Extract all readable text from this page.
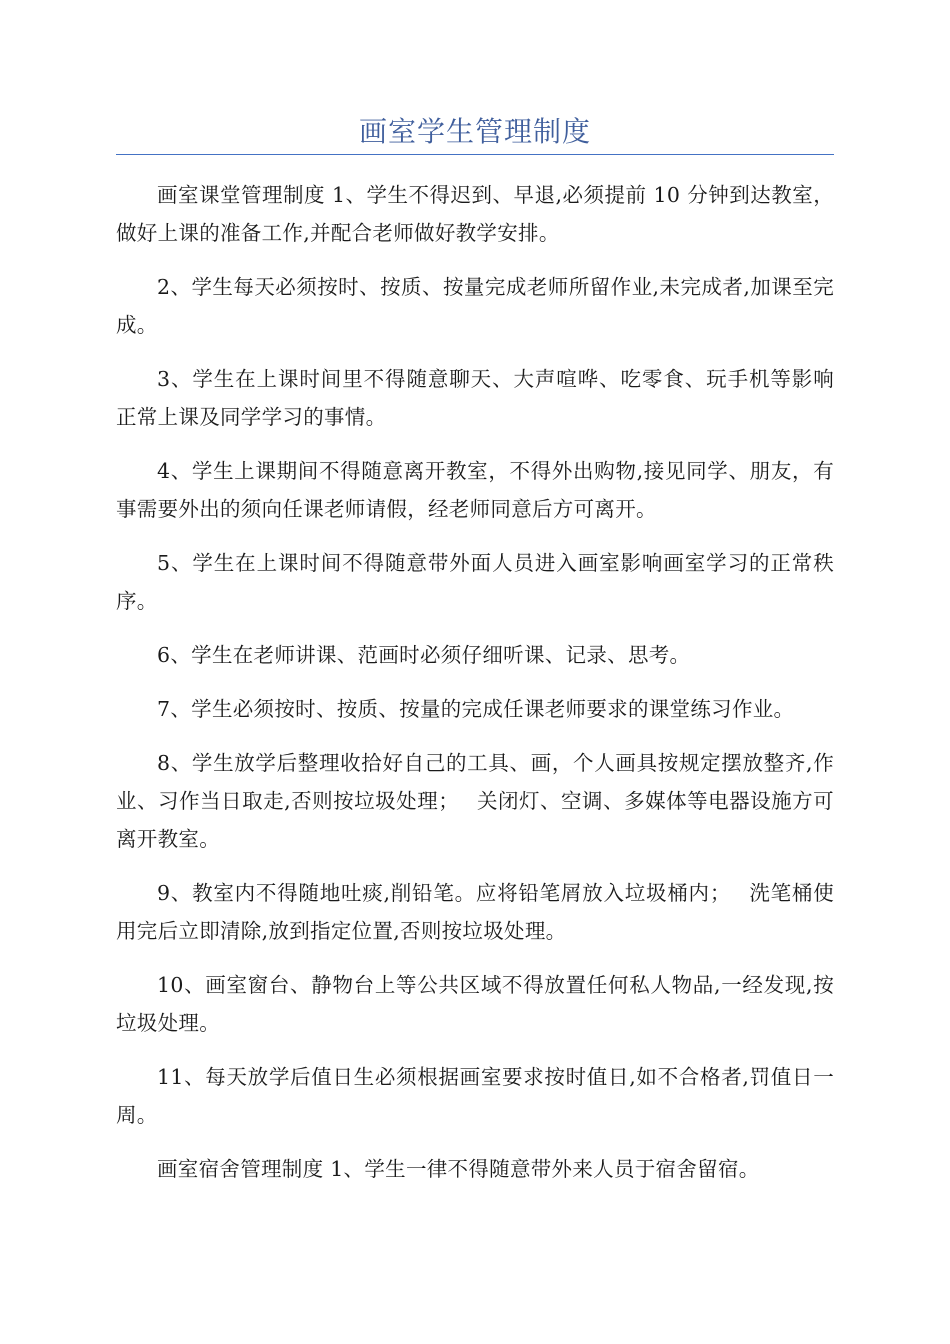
画室学生管理制度

画室课堂管理制度 1、学生不得迟到、早退,必须提前 10 分钟到达教室，做好上课的准备工作,并配合老师做好教学安排。

2、学生每天必须按时、按质、按量完成老师所留作业,未完成者,加课至完成。

3、学生在上课时间里不得随意聊天、大声喧哗、吃零食、玩手机等影响正常上课及同学学习的事情。

4、学生上课期间不得随意离开教室，不得外出购物,接见同学、朋友，有事需要外出的须向任课老师请假，经老师同意后方可离开。

5、学生在上课时间不得随意带外面人员进入画室影响画室学习的正常秩序。

6、学生在老师讲课、范画时必须仔细听课、记录、思考。

7、学生必须按时、按质、按量的完成任课老师要求的课堂练习作业。

8、学生放学后整理收拾好自己的工具、画，个人画具按规定摆放整齐,作业、习作当日取走,否则按垃圾处理；　 关闭灯、空调、多媒体等电器设施方可离开教室。

9、教室内不得随地吐痰,削铅笔。应将铅笔屑放入垃圾桶内；　 洗笔桶使用完后立即清除,放到指定位置,否则按垃圾处理。

10、画室窗台、静物台上等公共区域不得放置任何私人物品,一经发现,按垃圾处理。

11、每天放学后值日生必须根据画室要求按时值日,如不合格者,罚值日一周。

画室宿舍管理制度 1、学生一律不得随意带外来人员于宿舍留宿。
